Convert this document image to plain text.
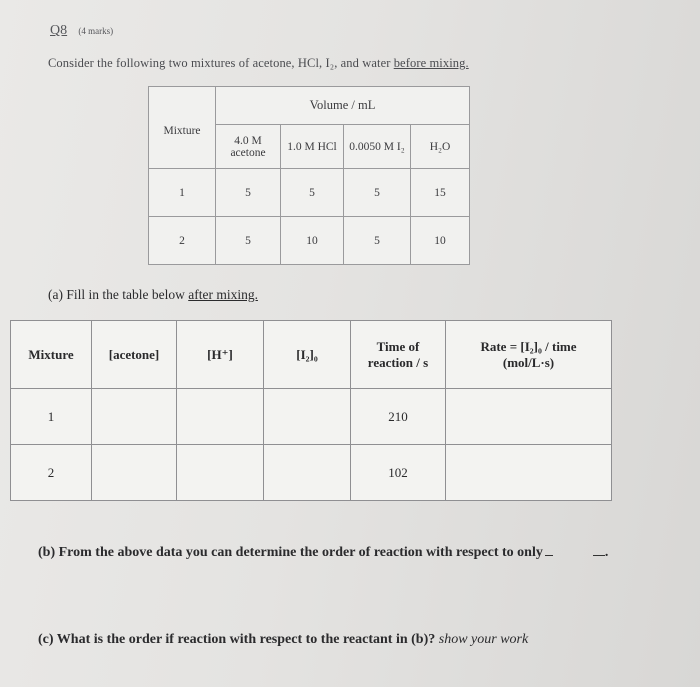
Q8 (4 marks)
Consider the following two mixtures of acetone, HCl, I₂, and water before mixing.
Mixture	Volume / mL			
	4.0 M acetone	1.0 M HCl	0.0050 M I₂	H₂O
1	5	5	5	15
2	5	10	5	10
(a) Fill in the table below after mixing.
Mixture	[acetone]	[H⁺]	[I₂]₀	Time of reaction / s	Rate = [I₂]₀ / time (mol/L·s)
1				210	
2				102	
(b) From the above data you can determine the order of reaction with respect to only	.
(c) What is the order if reaction with respect to the reactant in (b)? show your work
